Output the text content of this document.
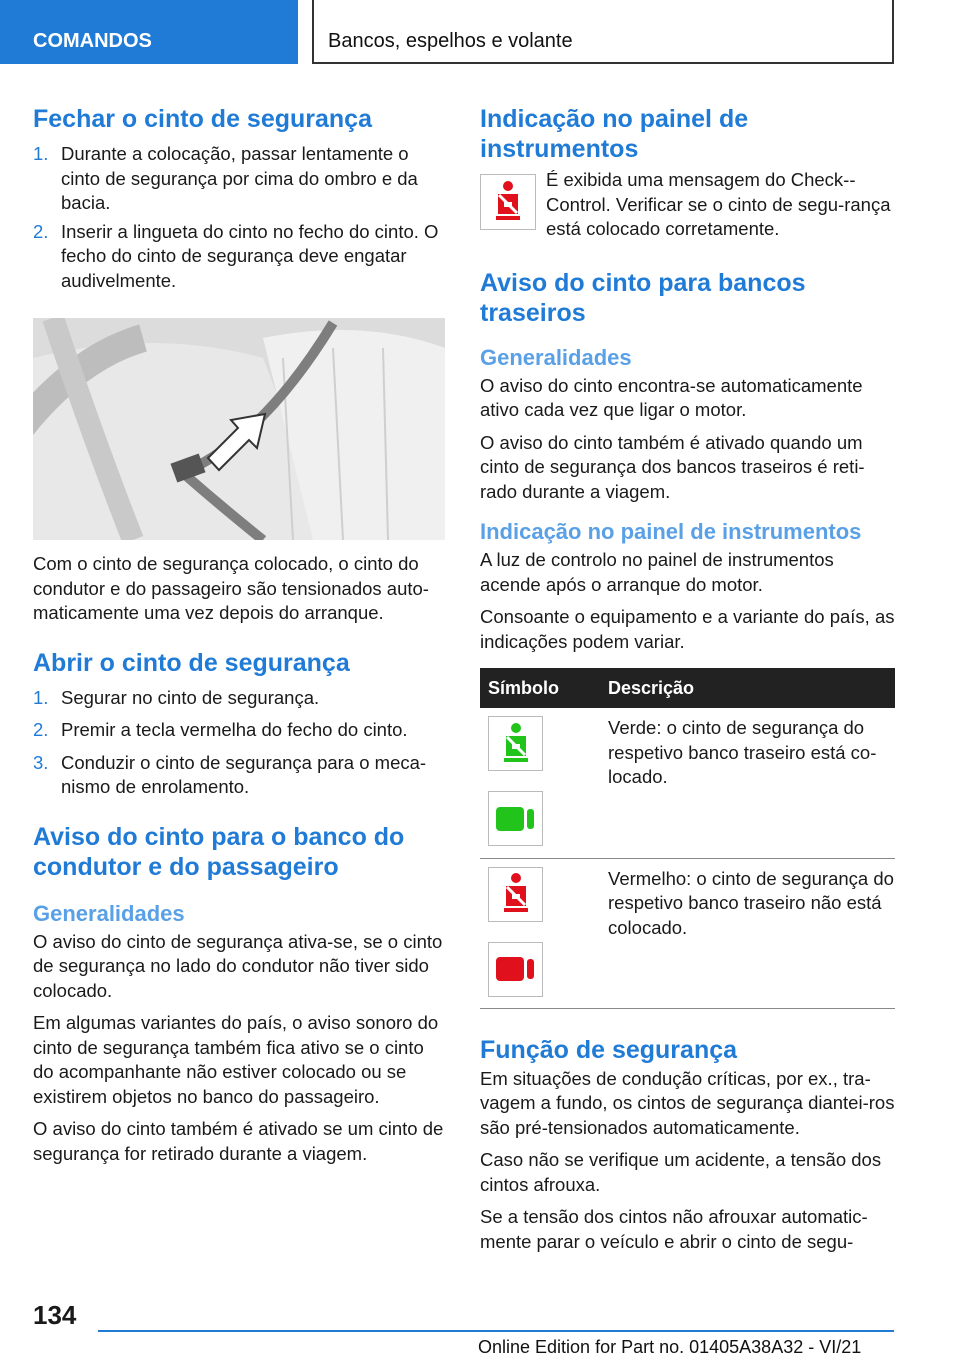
COMANDOS	Bancos, espelhos e volante
Fechar o cinto de segurança
1. Durante a colocação, passar lentamente o cinto de segurança por cima do ombro e da bacia.
2. Inserir a lingueta do cinto no fecho do cinto. O fecho do cinto de segurança deve engatar audivelmente.

Com o cinto de segurança colocado, o cinto do condutor e do passageiro são tensionados auto-maticamente uma vez depois do arranque.

Abrir o cinto de segurança
1. Segurar no cinto de segurança.
2. Premir a tecla vermelha do fecho do cinto.
3. Conduzir o cinto de segurança para o meca-nismo de enrolamento.
Aviso do cinto para o banco do condutor e do passageiro
Generalidades

O aviso do cinto de segurança ativa-se, se o cinto de segurança no lado do condutor não tiver sido colocado.

Em algumas variantes do país, o aviso sonoro do cinto de segurança também fica ativo se o cinto do acompanhante não estiver colocado ou se existirem objetos no banco do passageiro.

O aviso do cinto também é ativado se um cinto de segurança for retirado durante a viagem.

Indicação no painel de instrumentos

É exibida uma mensagem do Check--Control. Verificar se o cinto de segu-rança está colocado corretamente.

Aviso do cinto para bancos traseiros
Generalidades

O aviso do cinto encontra-se automaticamente ativo cada vez que ligar o motor.

O aviso do cinto também é ativado quando um cinto de segurança dos bancos traseiros é reti-rado durante a viagem.

Indicação no painel de instrumentos

A luz de controlo no painel de instrumentos acende após o arranque do motor.

Consoante o equipamento e a variante do país, as indicações podem variar.

Símbolo	Descrição

	Verde: o cinto de segurança do respetivo banco traseiro está co-locado.

	Vermelho: o cinto de segurança do respetivo banco traseiro não está colocado.
Função de segurança

Em situações de condução críticas, por ex., tra-vagem a fundo, os cintos de segurança diantei-ros são pré-tensionados automaticamente.

Caso não se verifique um acidente, a tensão dos cintos afrouxa.

Se a tensão dos cintos não afrouxar automatic-mente parar o veículo e abrir o cinto de segu-

134
Online Edition for Part no. 01405A38A32 - VI/21
